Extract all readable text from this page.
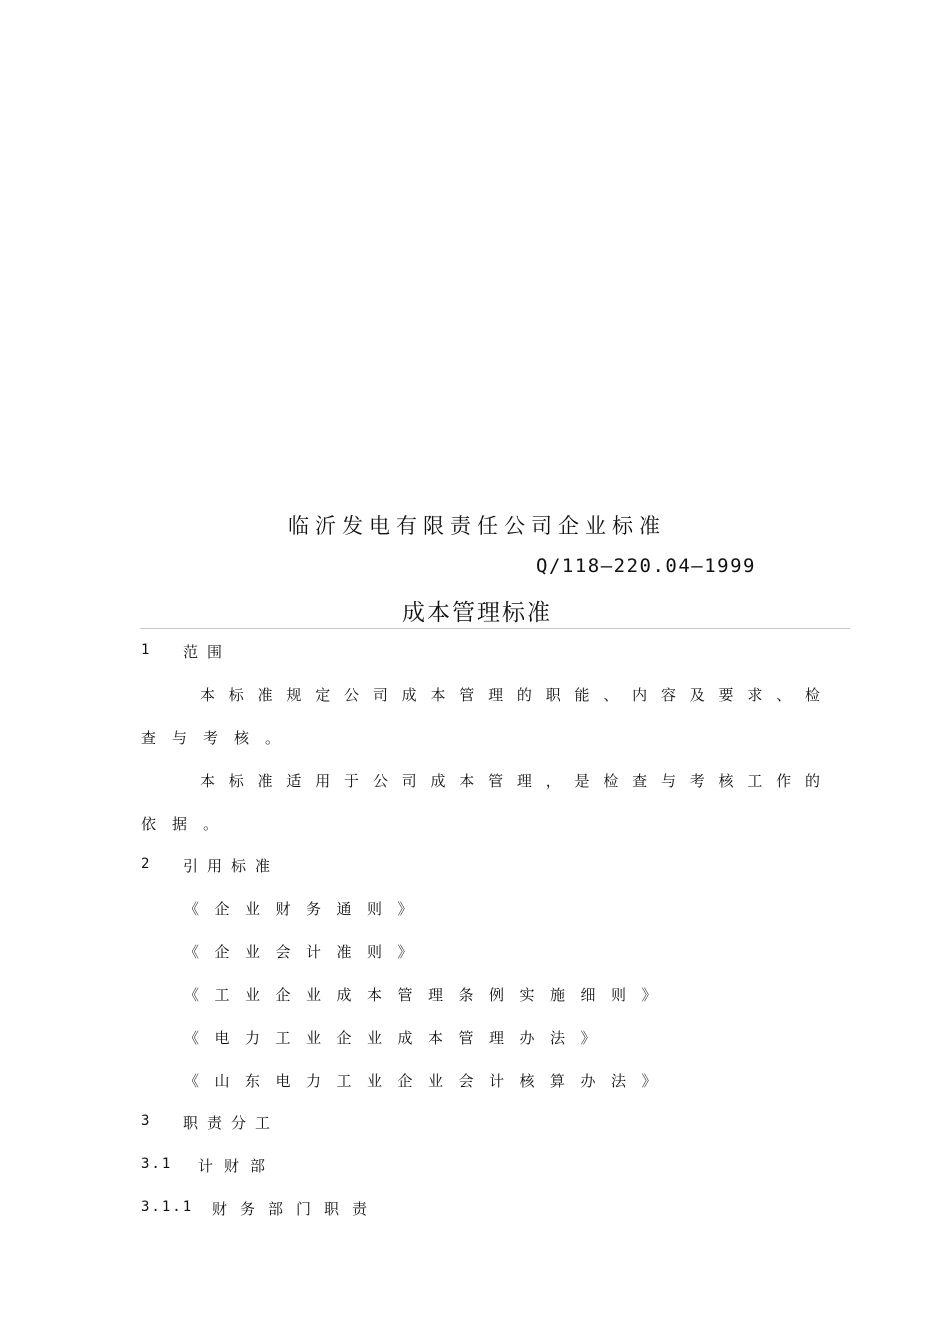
临沂发电有限责任公司企业标准
Q/118—220.04—1999
成本管理标准
1 范围
本标准规定公司成本管理的职能、内容及要求、检
查与考核。
本标准适用于公司成本管理，是检查与考核工作的
依据。
2 引用标准
《企业财务通则》
《企业会计准则》
《工业企业成本管理条例实施细则》
《电力工业企业成本管理办法》
《山东电力工业企业会计核算办法》
3 职责分工
3.1 计财部
3.1.1 财务部门职责
